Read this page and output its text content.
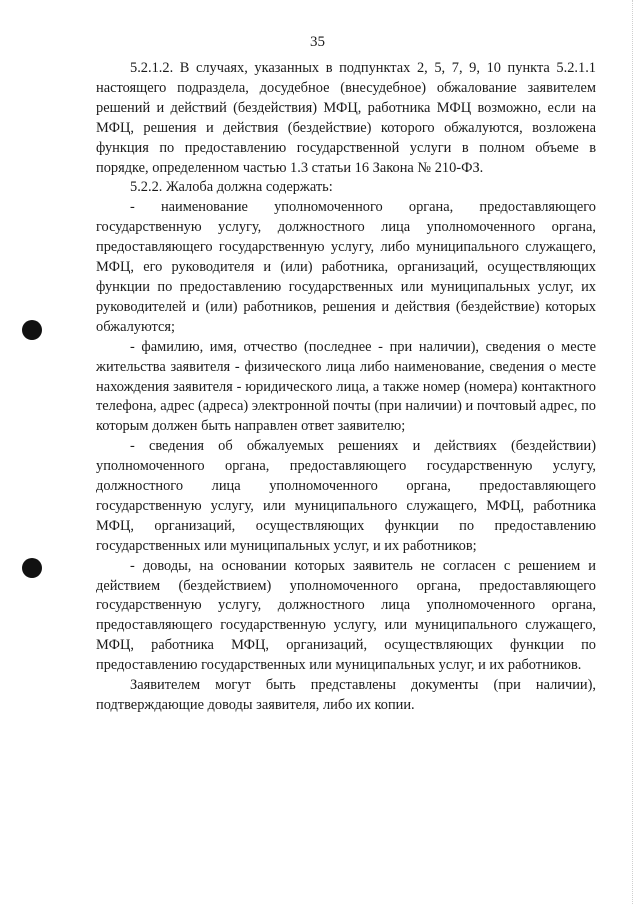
35

5.2.1.2. В случаях, указанных в подпунктах 2, 5, 7, 9, 10 пункта 5.2.1.1 настоящего подраздела, досудебное (внесудебное) обжалование заявителем решений и действий (бездействия) МФЦ, работника МФЦ возможно, если на МФЦ, решения и действия (бездействие) которого обжалуются, возложена функция по предоставлению государственной услуги в полном объеме в порядке, определенном частью 1.3 статьи 16 Закона № 210-ФЗ.

5.2.2. Жалоба должна содержать:

- наименование уполномоченного органа, предоставляющего государственную услугу, должностного лица уполномоченного органа, предоставляющего государственную услугу, либо муниципального служащего, МФЦ, его руководителя и (или) работника, организаций, осуществляющих функции по предоставлению государственных или муниципальных услуг, их руководителей и (или) работников, решения и действия (бездействие) которых обжалуются;

- фамилию, имя, отчество (последнее - при наличии), сведения о месте жительства заявителя - физического лица либо наименование, сведения о месте нахождения заявителя - юридического лица, а также номер (номера) контактного телефона, адрес (адреса) электронной почты (при наличии) и почтовый адрес, по которым должен быть направлен ответ заявителю;

- сведения об обжалуемых решениях и действиях (бездействии) уполномоченного органа, предоставляющего государственную услугу, должностного лица уполномоченного органа, предоставляющего государственную услугу, или муниципального служащего, МФЦ, работника МФЦ, организаций, осуществляющих функции по предоставлению государственных или муниципальных услуг, и их работников;

- доводы, на основании которых заявитель не согласен с решением и действием (бездействием) уполномоченного органа, предоставляющего государственную услугу, должностного лица уполномоченного органа, предоставляющего государственную услугу, или муниципального служащего, МФЦ, работника МФЦ, организаций, осуществляющих функции по предоставлению государственных или муниципальных услуг, и их работников.

Заявителем могут быть представлены документы (при наличии), подтверждающие доводы заявителя, либо их копии.
